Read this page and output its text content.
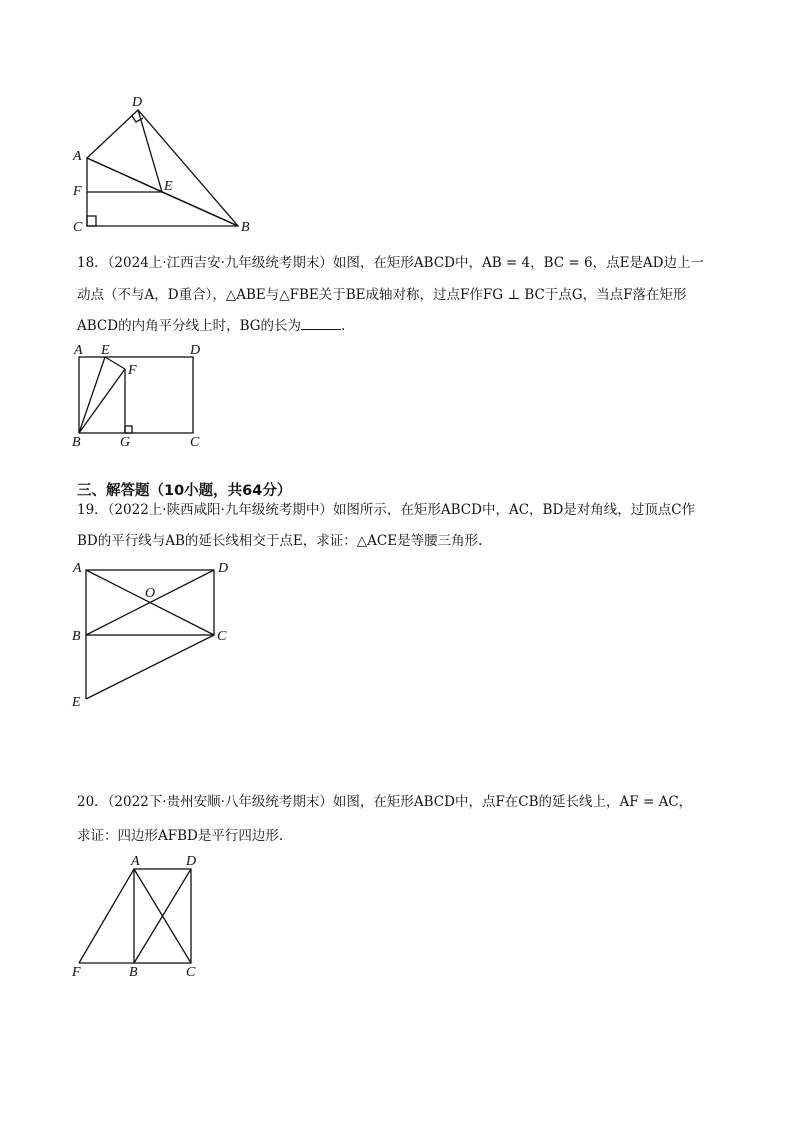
D
A
F	E
C	B
18．（2024上·江西吉安·九年级统考期末）如图，在矩形ABCD中，AB = 4，BC = 6，点E是AD边上一
动点（不与A，D重合），△ABE与△FBE关于BE成轴对称，过点F作FG ⊥ BC于点G，当点F落在矩形
ABCD的内角平分线上时，BG的长为	.
A E	D
F
B	G	C
三、解答题（10小题，共64分）
19．（2022上·陕西咸阳·九年级统考期中）如图所示，在矩形ABCD中，AC，BD是对角线，过顶点C作
BD的平行线与AB的延长线相交于点E，求证：△ACE是等腰三角形.
A	D
O
B	C
E
20．（2022下·贵州安顺·八年级统考期末）如图，在矩形ABCD中，点F在CB的延长线上，AF = AC，
求证：四边形AFBD是平行四边形.
A	D
F	B	C
